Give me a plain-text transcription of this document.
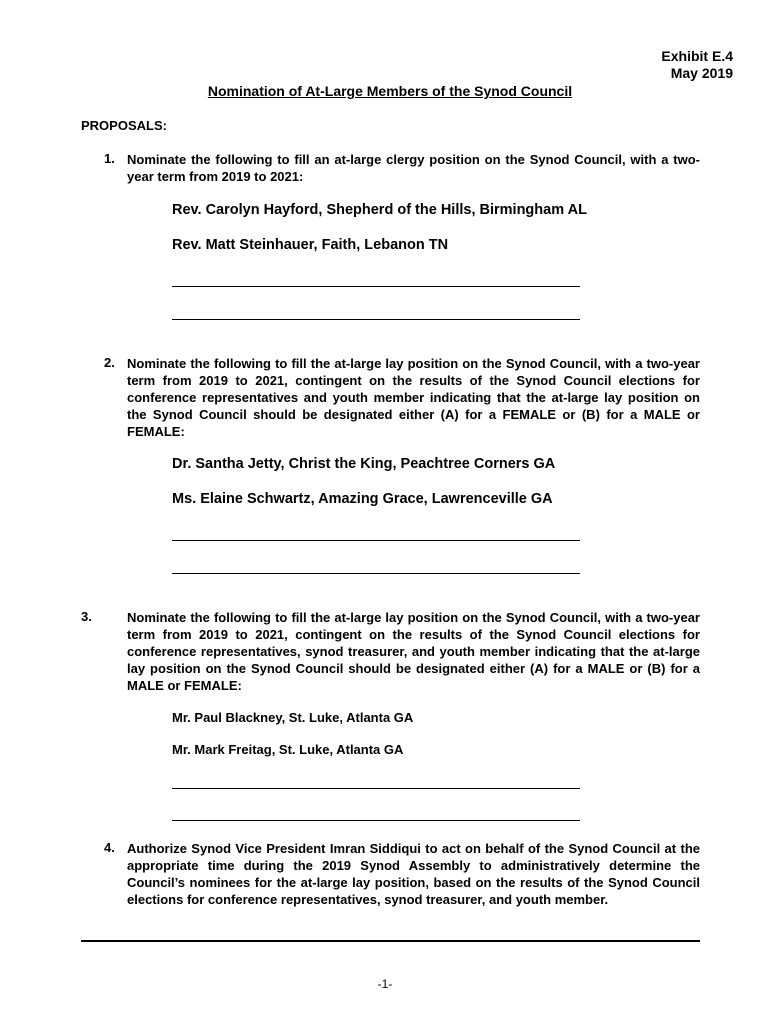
Exhibit E.4
May 2019
Nomination of At-Large Members of the Synod Council
PROPOSALS:
1. Nominate the following to fill an at-large clergy position on the Synod Council, with a two-year term from 2019 to 2021:
Rev. Carolyn Hayford, Shepherd of the Hills, Birmingham AL
Rev. Matt Steinhauer, Faith, Lebanon TN
2. Nominate the following to fill the at-large lay position on the Synod Council, with a two-year term from 2019 to 2021, contingent on the results of the Synod Council elections for conference representatives and youth member indicating that the at-large lay position on the Synod Council should be designated either (A) for a FEMALE or (B) for a MALE or FEMALE:
Dr. Santha Jetty, Christ the King, Peachtree Corners GA
Ms. Elaine Schwartz, Amazing Grace, Lawrenceville GA
3.	Nominate the following to fill the at-large lay position on the Synod Council, with a two-year term from 2019 to 2021, contingent on the results of the Synod Council elections for conference representatives, synod treasurer, and youth member indicating that the at-large lay position on the Synod Council should be designated either (A) for a MALE or (B) for a MALE or FEMALE:
Mr. Paul Blackney, St. Luke, Atlanta GA
Mr. Mark Freitag, St. Luke, Atlanta GA
4. Authorize Synod Vice President Imran Siddiqui to act on behalf of the Synod Council at the appropriate time during the 2019 Synod Assembly to administratively determine the Council’s nominees for the at-large lay position, based on the results of the Synod Council elections for conference representatives, synod treasurer, and youth member.
-1-
